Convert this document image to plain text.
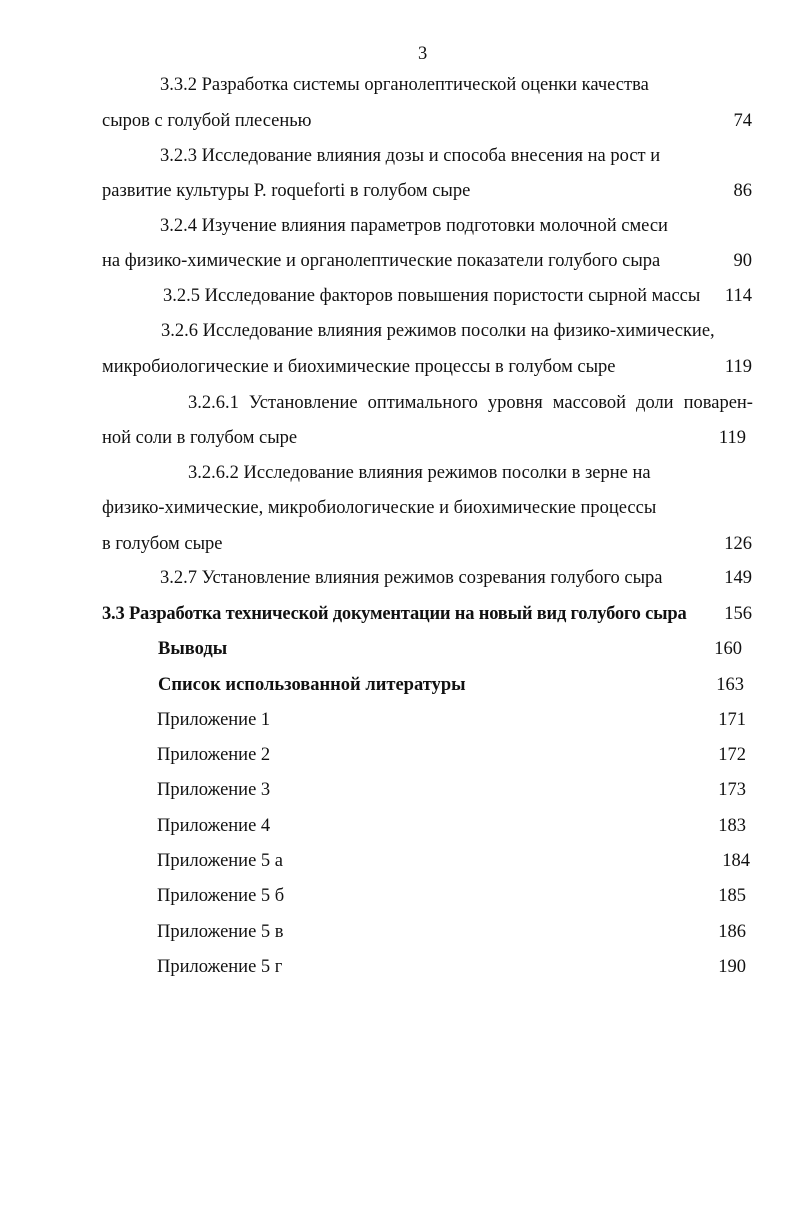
3
3.3.2 Разработка системы органолептической оценки качества
сыров с голубой плесенью	74
3.2.3 Исследование влияния дозы и способа внесения на рост и
развитие культуры P. roqueforti в голубом сыре	86
3.2.4 Изучение влияния параметров подготовки молочной смеси
на физико-химические и органолептические показатели голубого сыра	90
3.2.5 Исследование факторов повышения пористости сырной массы	114
3.2.6 Исследование влияния режимов посолки на физико-химические,
микробиологические и биохимические процессы в голубом сыре	119
3.2.6.1 Установление оптимального уровня массовой доли поварен-
ной соли в голубом сыре	119
3.2.6.2 Исследование влияния режимов посолки в зерне на
физико-химические, микробиологические и биохимические процессы
в голубом сыре	126
3.2.7 Установление влияния режимов созревания голубого сыра	149
3.3 Разработка технической документации на новый вид голубого сыра	156
Выводы	160
Список использованной литературы	163
Приложение 1	171
Приложение 2	172
Приложение 3	173
Приложение 4	183
Приложение 5 а	184
Приложение 5 б	185
Приложение 5 в	186
Приложение 5 г	190
